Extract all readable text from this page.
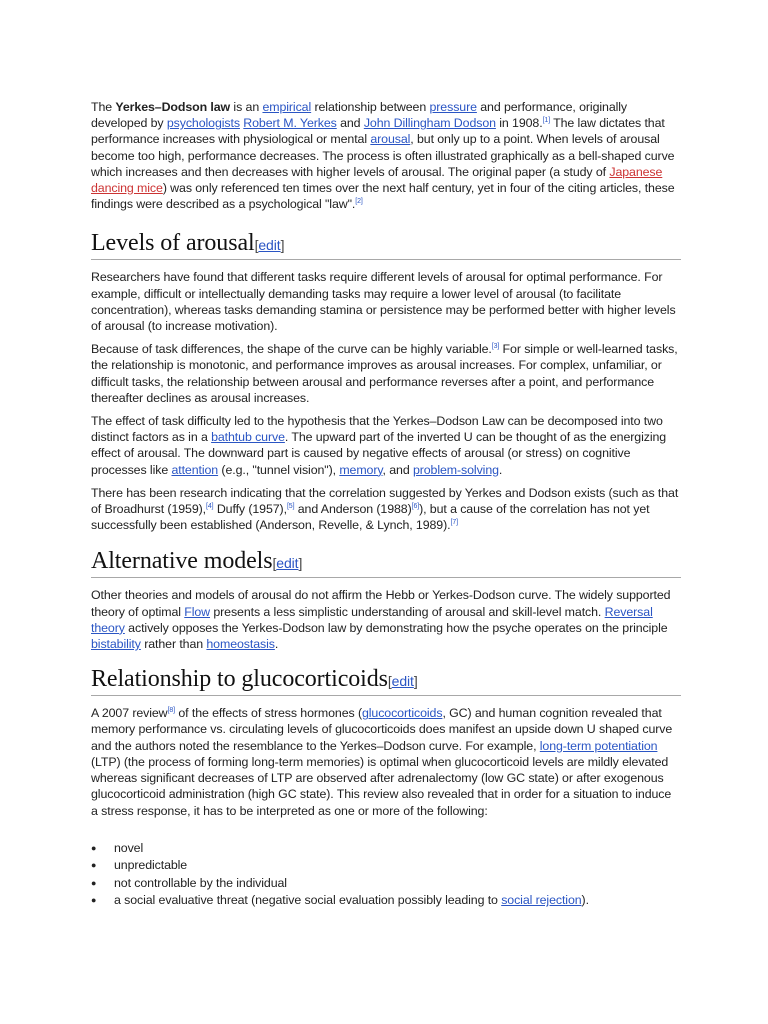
The Yerkes–Dodson law is an empirical relationship between pressure and performance, originally developed by psychologists Robert M. Yerkes and John Dillingham Dodson in 1908.[1] The law dictates that performance increases with physiological or mental arousal, but only up to a point. When levels of arousal become too high, performance decreases. The process is often illustrated graphically as a bell-shaped curve which increases and then decreases with higher levels of arousal. The original paper (a study of Japanese dancing mice) was only referenced ten times over the next half century, yet in four of the citing articles, these findings were described as a psychological "law".[2]

Levels of arousal[edit]

Researchers have found that different tasks require different levels of arousal for optimal performance. For example, difficult or intellectually demanding tasks may require a lower level of arousal (to facilitate concentration), whereas tasks demanding stamina or persistence may be performed better with higher levels of arousal (to increase motivation).

Because of task differences, the shape of the curve can be highly variable.[3] For simple or well-learned tasks, the relationship is monotonic, and performance improves as arousal increases. For complex, unfamiliar, or difficult tasks, the relationship between arousal and performance reverses after a point, and performance thereafter declines as arousal increases.

The effect of task difficulty led to the hypothesis that the Yerkes–Dodson Law can be decomposed into two distinct factors as in a bathtub curve. The upward part of the inverted U can be thought of as the energizing effect of arousal. The downward part is caused by negative effects of arousal (or stress) on cognitive processes like attention (e.g., "tunnel vision"), memory, and problem-solving.

There has been research indicating that the correlation suggested by Yerkes and Dodson exists (such as that of Broadhurst (1959),[4] Duffy (1957),[5] and Anderson (1988)[6]), but a cause of the correlation has not yet successfully been established (Anderson, Revelle, & Lynch, 1989).[7]

Alternative models[edit]

Other theories and models of arousal do not affirm the Hebb or Yerkes-Dodson curve. The widely supported theory of optimal Flow presents a less simplistic understanding of arousal and skill-level match. Reversal theory actively opposes the Yerkes-Dodson law by demonstrating how the psyche operates on the principle bistability rather than homeostasis.

Relationship to glucocorticoids[edit]

A 2007 review[8] of the effects of stress hormones (glucocorticoids, GC) and human cognition revealed that memory performance vs. circulating levels of glucocorticoids does manifest an upside down U shaped curve and the authors noted the resemblance to the Yerkes–Dodson curve. For example, long-term potentiation (LTP) (the process of forming long-term memories) is optimal when glucocorticoid levels are mildly elevated whereas significant decreases of LTP are observed after adrenalectomy (low GC state) or after exogenous glucocorticoid administration (high GC state). This review also revealed that in order for a situation to induce a stress response, it has to be interpreted as one or more of the following:

● novel
● unpredictable
● not controllable by the individual
● a social evaluative threat (negative social evaluation possibly leading to social rejection).
